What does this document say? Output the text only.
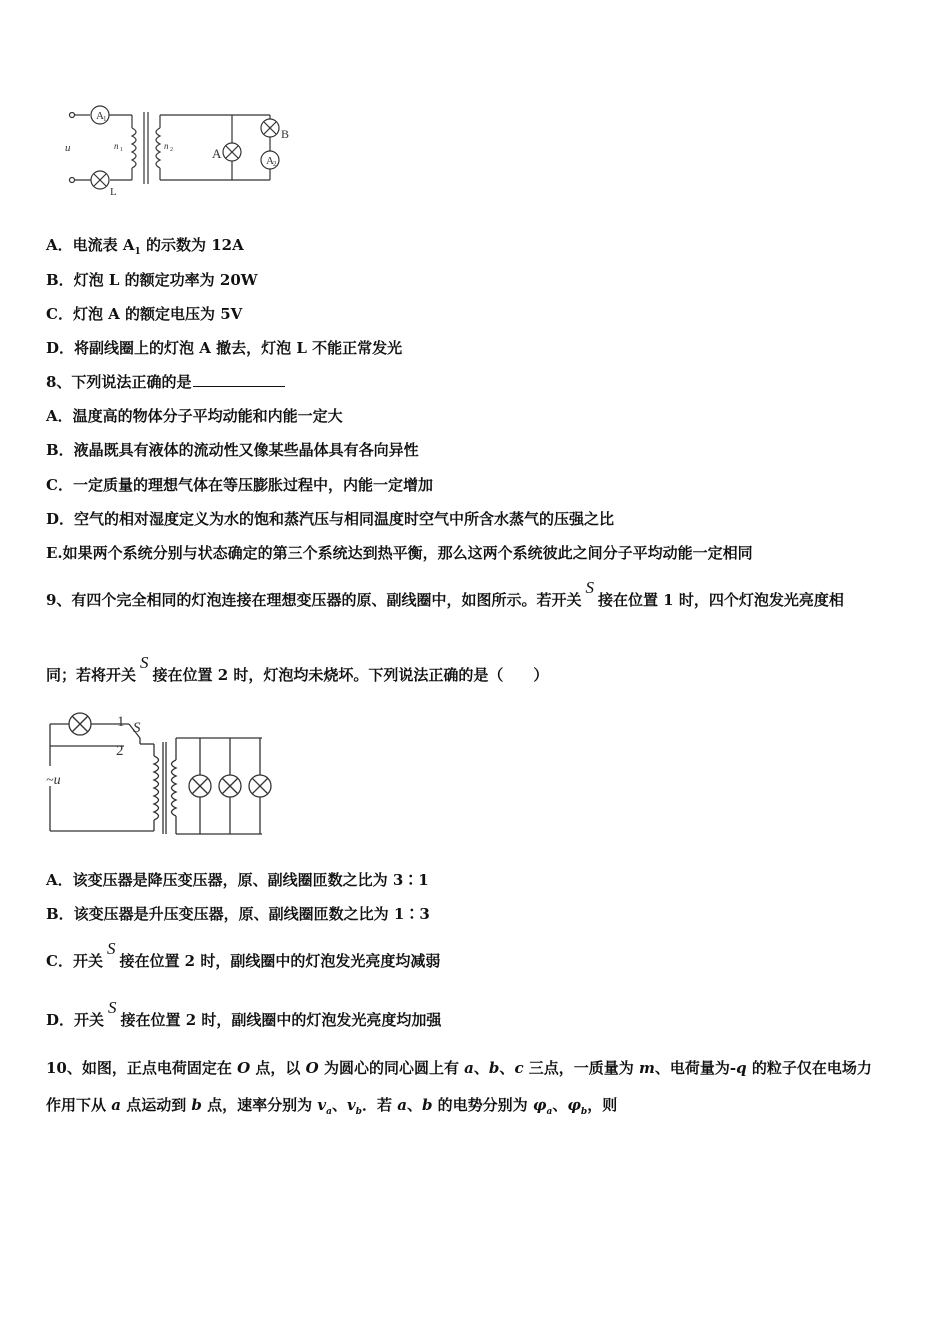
A 1
u	n 1	n 2	A
B
A 2
L
A．电流表 $A_1$ 的示数为 12A
B．灯泡 L 的额定功率为 20W
C．灯泡 A 的额定电压为 5V
D．将副线圈上的灯泡 A 撤去，灯泡 L 不能正常发光
8、下列说法正确的是
A．温度高的物体分子平均动能和内能一定大
B．液晶既具有液体的流动性又像某些晶体具有各向异性
C．一定质量的理想气体在等压膨胀过程中，内能一定增加
D．空气的相对湿度定义为水的饱和蒸汽压与相同温度时空气中所含水蒸气的压强之比
E.如果两个系统分别与状态确定的第三个系统达到热平衡，那么这两个系统彼此之间分子平均动能一定相同
9、有四个完全相同的灯泡连接在理想变压器的原、副线圈中，如图所示。若开关S接在位置 1 时，四个灯泡发光亮度相
同；若将开关S接在位置 2 时，灯泡均未烧坏。下列说法正确的是（　　）
1
2
S
~u
A．该变压器是降压变压器，原、副线圈匝数之比为 3∶1
B．该变压器是升压变压器，原、副线圈匝数之比为 1∶3
C．开关S接在位置 2 时，副线圈中的灯泡发光亮度均减弱
D．开关S接在位置 2 时，副线圈中的灯泡发光亮度均加强
10、如图，正点电荷固定在 O 点，以 O 为圆心的同心圆上有 a、b、c 三点，一质量为 m、电荷量为-q 的粒子仅在电场力
作用下从 a 点运动到 b 点，速率分别为 $v_a$、$v_b$．若 a、b 的电势分别为 $\varphi_a$、$\varphi_b$，则
